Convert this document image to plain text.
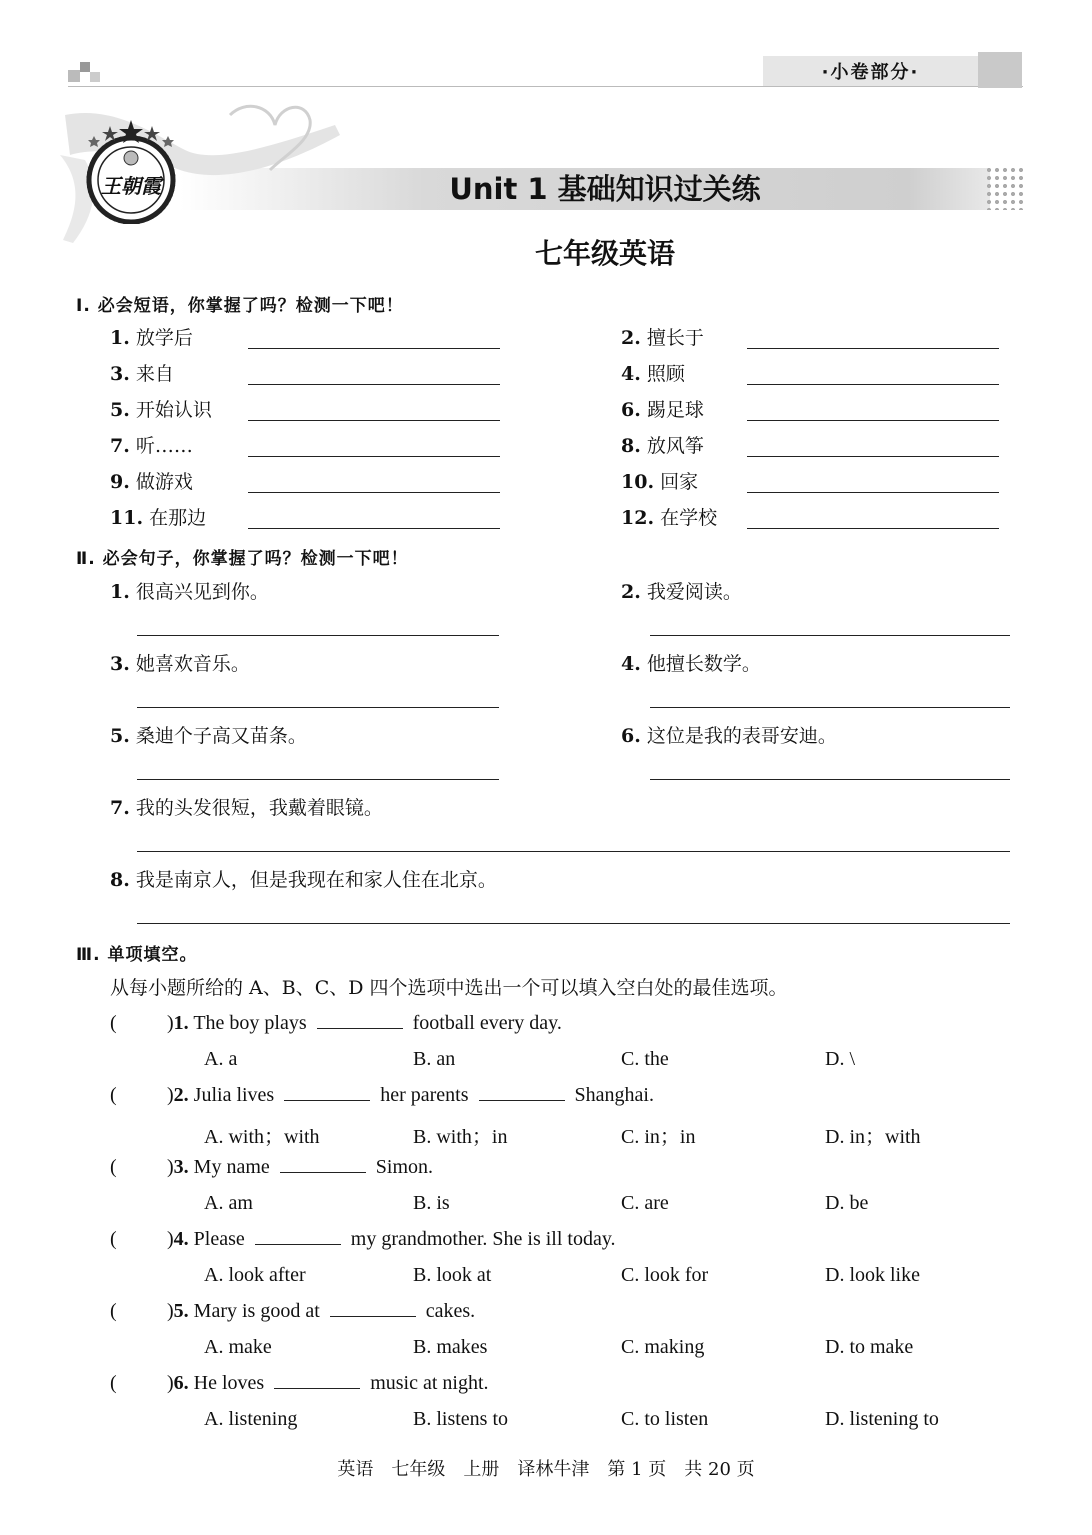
·小卷部分·
王朝霞	Unit 1 基础知识过关练
七年级英语
Ⅰ. 必会短语，你掌握了吗？检测一下吧！
1. 放学后	2. 擅长于
3. 来自	4. 照顾
5. 开始认识	6. 踢足球
7. 听……	8. 放风筝
9. 做游戏	10. 回家
11. 在那边	12. 在学校
Ⅱ. 必会句子，你掌握了吗？检测一下吧！
1. 很高兴见到你。	2. 我爱阅读。
3. 她喜欢音乐。	4. 他擅长数学。
5. 桑迪个子高又苗条。	6. 这位是我的表哥安迪。
7. 我的头发很短，我戴着眼镜。
8. 我是南京人，但是我现在和家人住在北京。
Ⅲ. 单项填空。
从每小题所给的 A、B、C、D 四个选项中选出一个可以填入空白处的最佳选项。
(	)1. The boy plays	football every day.
A. a	B. an	C. the	D. \
(	)2. Julia lives	her parents	Shanghai.
A. with；with	B. with；in	C. in；in	D. in；with
(	)3. My name	Simon.
A. am	B. is	C. are	D. be
(	)4. Please	my grandmother. She is ill today.
A. look after	B. look at	C. look for	D. look like
(	)5. Mary is good at	cakes.
A. make	B. makes	C. making	D. to make
(	)6. He loves	music at night.
A. listening	B. listens to	C. to listen	D. listening to
英语　七年级　上册　译林牛津　第 1 页　共 20 页
